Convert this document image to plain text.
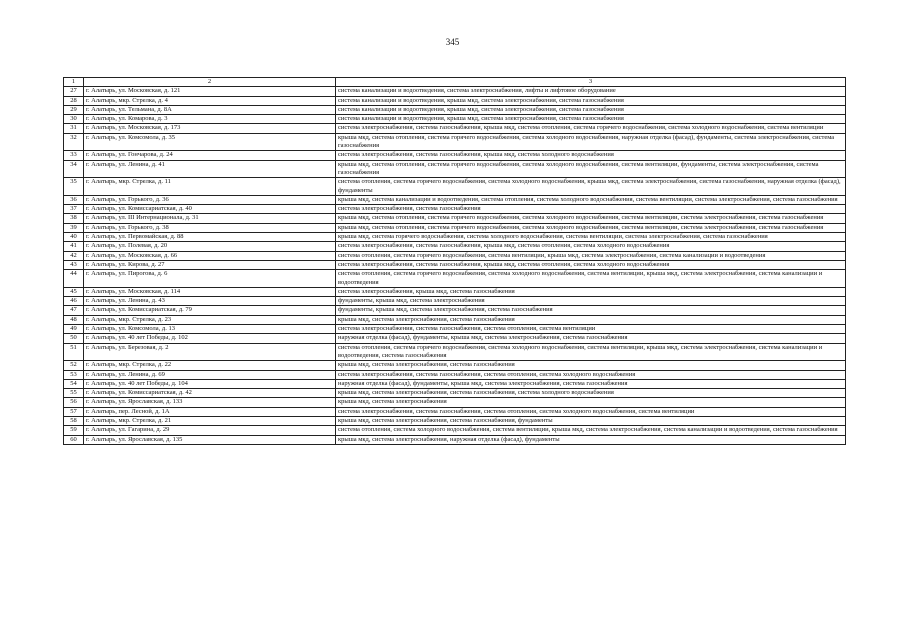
345
1	2	3
27	г. Алатырь, ул. Московская, д. 121	система канализации и водоотведения, система электроснабжения, лифты и лифтовое оборудование
28	г. Алатырь, мкр. Стрелка, д. 4	система канализации и водоотведения, крыша мкд, система электроснабжения, система газоснабжения
29	г. Алатырь, ул. Тельмана, д. 8А	система канализации и водоотведения, крыша мкд, система электроснабжения, система газоснабжения
30	г. Алатырь, ул. Комарова, д. 3	система канализации и водоотведения, крыша мкд, система электроснабжения, система газоснабжения
31	г. Алатырь, ул. Московская, д. 173	система электроснабжения, система газоснабжения, крыша мкд, система отопления, система горячего водоснабжения, система холодного водоснабжения, система вентиляции
32	г. Алатырь, ул. Комсомола, д. 35	крыша мкд, система отопления, система горячего водоснабжения, система холодного водоснабжения, наружная отделка (фасад), фундаменты, система электроснабжения, система газоснабжения
33	г. Алатырь, ул. Гончарова, д. 24	система электроснабжения, система газоснабжения, крыша мкд, система холодного водоснабжения
34	г. Алатырь, ул. Ленина, д. 41	крыша мкд, система отопления, система горячего водоснабжения, система холодного водоснабжения, система вентиляции, фундаменты, система электроснабжения, система газоснабжения
35	г. Алатырь, мкр. Стрелка, д. 11	система отопления, система горячего водоснабжения, система холодного водоснабжения, крыша мкд, система электроснабжения, система газоснабжения, наружная отделка (фасад), фундаменты
36	г. Алатырь, ул. Горького, д. 36	крыша мкд, система канализации и водоотведения, система отопления, система холодного водоснабжения, система вентиляции, система электроснабжения, система газоснабжения
37	г. Алатырь, ул. Комиссариатская, д. 40	система электроснабжения, система газоснабжения
38	г. Алатырь, ул. III Интернационала, д. 31	крыша мкд, система отопления, система горячего водоснабжения, система холодного водоснабжения, система вентиляции, система электроснабжения, система газоснабжения
39	г. Алатырь, ул. Горького, д. 38	крыша мкд, система отопления, система горячего водоснабжения, система холодного водоснабжения, система вентиляции, система электроснабжения, система газоснабжения
40	г. Алатырь, ул. Первомайская, д. 88	крыша мкд, система горячего водоснабжения, система холодного водоснабжения, система вентиляции, система электроснабжения, система газоснабжения
41	г. Алатырь, ул. Полевая, д. 20	система электроснабжения, система газоснабжения, крыша мкд, система отопления, система холодного водоснабжения
42	г. Алатырь, ул. Московская, д. 66	система отопления, система горячего водоснабжения, система вентиляции, крыша мкд, система электроснабжения, система канализации и водоотведения
43	г. Алатырь, ул. Кирова, д. 27	система электроснабжения, система газоснабжения, крыша мкд, система отопления, система холодного водоснабжения
44	г. Алатырь, ул. Пирогова, д. 6	система отопления, система горячего водоснабжения, система холодного водоснабжения, система вентиляции, крыша мкд, система электроснабжения, система канализации и водоотведения
45	г. Алатырь, ул. Московская, д. 114	система электроснабжения, крыша мкд, система газоснабжения
46	г. Алатырь, ул. Ленина, д. 43	фундаменты, крыша мкд, система электроснабжения
47	г. Алатырь, ул. Комиссариатская, д. 79	фундаменты, крыша мкд, система электроснабжения, система газоснабжения
48	г. Алатырь, мкр. Стрелка, д. 23	крыша мкд, система электроснабжения, система газоснабжения
49	г. Алатырь, ул. Комсомола, д. 13	система электроснабжения, система газоснабжения, система отопления, система вентиляции
50	г. Алатырь, ул. 40 лет Победы, д. 102	наружная отделка (фасад), фундаменты, крыша мкд, система электроснабжения, система газоснабжения
51	г. Алатырь, ул. Березовая, д. 2	система отопления, система горячего водоснабжения, система холодного водоснабжения, система вентиляции, крыша мкд, система электроснабжения, система канализации и водоотведения, система газоснабжения
52	г. Алатырь, мкр. Стрелка, д. 22	крыша мкд, система электроснабжения, система газоснабжения
53	г. Алатырь, ул. Ленина, д. 69	система электроснабжения, система газоснабжения, система отопления, система холодного водоснабжения
54	г. Алатырь, ул. 40 лет Победы, д. 104	наружная отделка (фасад), фундаменты, крыша мкд, система электроснабжения, система газоснабжения
55	г. Алатырь, ул. Комиссариатская, д. 42	крыша мкд, система электроснабжения, система газоснабжения, система холодного водоснабжения
56	г. Алатырь, ул. Ярославская, д. 133	крыша мкд, система электроснабжения
57	г. Алатырь, пер. Лесной, д. 1А	система электроснабжения, система газоснабжения, система отопления, система холодного водоснабжения, система вентиляции
58	г. Алатырь, мкр. Стрелка, д. 21	крыша мкд, система электроснабжения, система газоснабжения, фундаменты
59	г. Алатырь, ул. Гагарина, д. 29	система отопления, система холодного водоснабжения, система вентиляции, крыша мкд, система электроснабжения, система канализации и водоотведения, система газоснабжения
60	г. Алатырь, ул. Ярославская, д. 135	крыша мкд, система электроснабжения, наружная отделка (фасад), фундаменты
